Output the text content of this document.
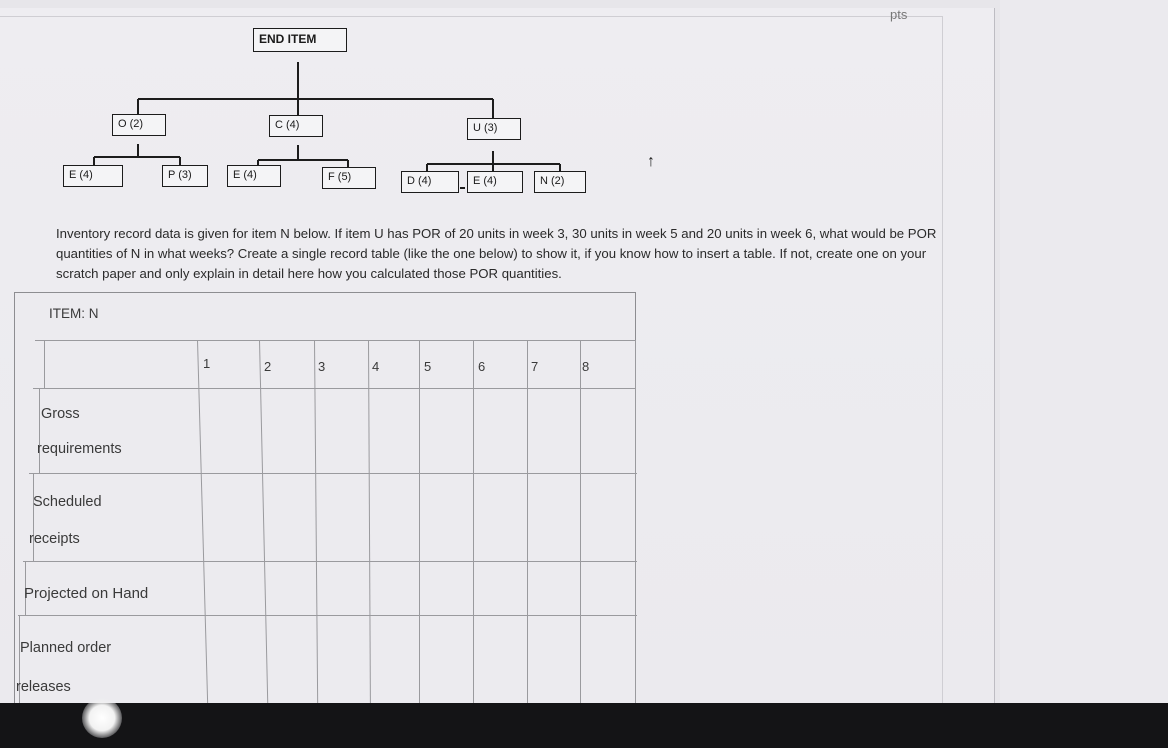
pts
END ITEM
O (2)	C (4)	U (3)
E (4)	P (3)	E (4)	F (5)	D (4)	E (4)	N (2)
Inventory record data is given for item N below. If item U has POR of 20 units in week 3, 30 units in week 5 and 20 units in week 6, what would be POR quantities of N in what weeks? Create a single record table (like the one below) to show it, if you know how to insert a table. If not, create one on your scratch paper and only explain in detail here how you calculated those POR quantities.
ITEM: N
1	2	3	4	5	6	7	8
Gross
requirements
Scheduled
receipts
Projected on Hand
Planned order
releases
↑
